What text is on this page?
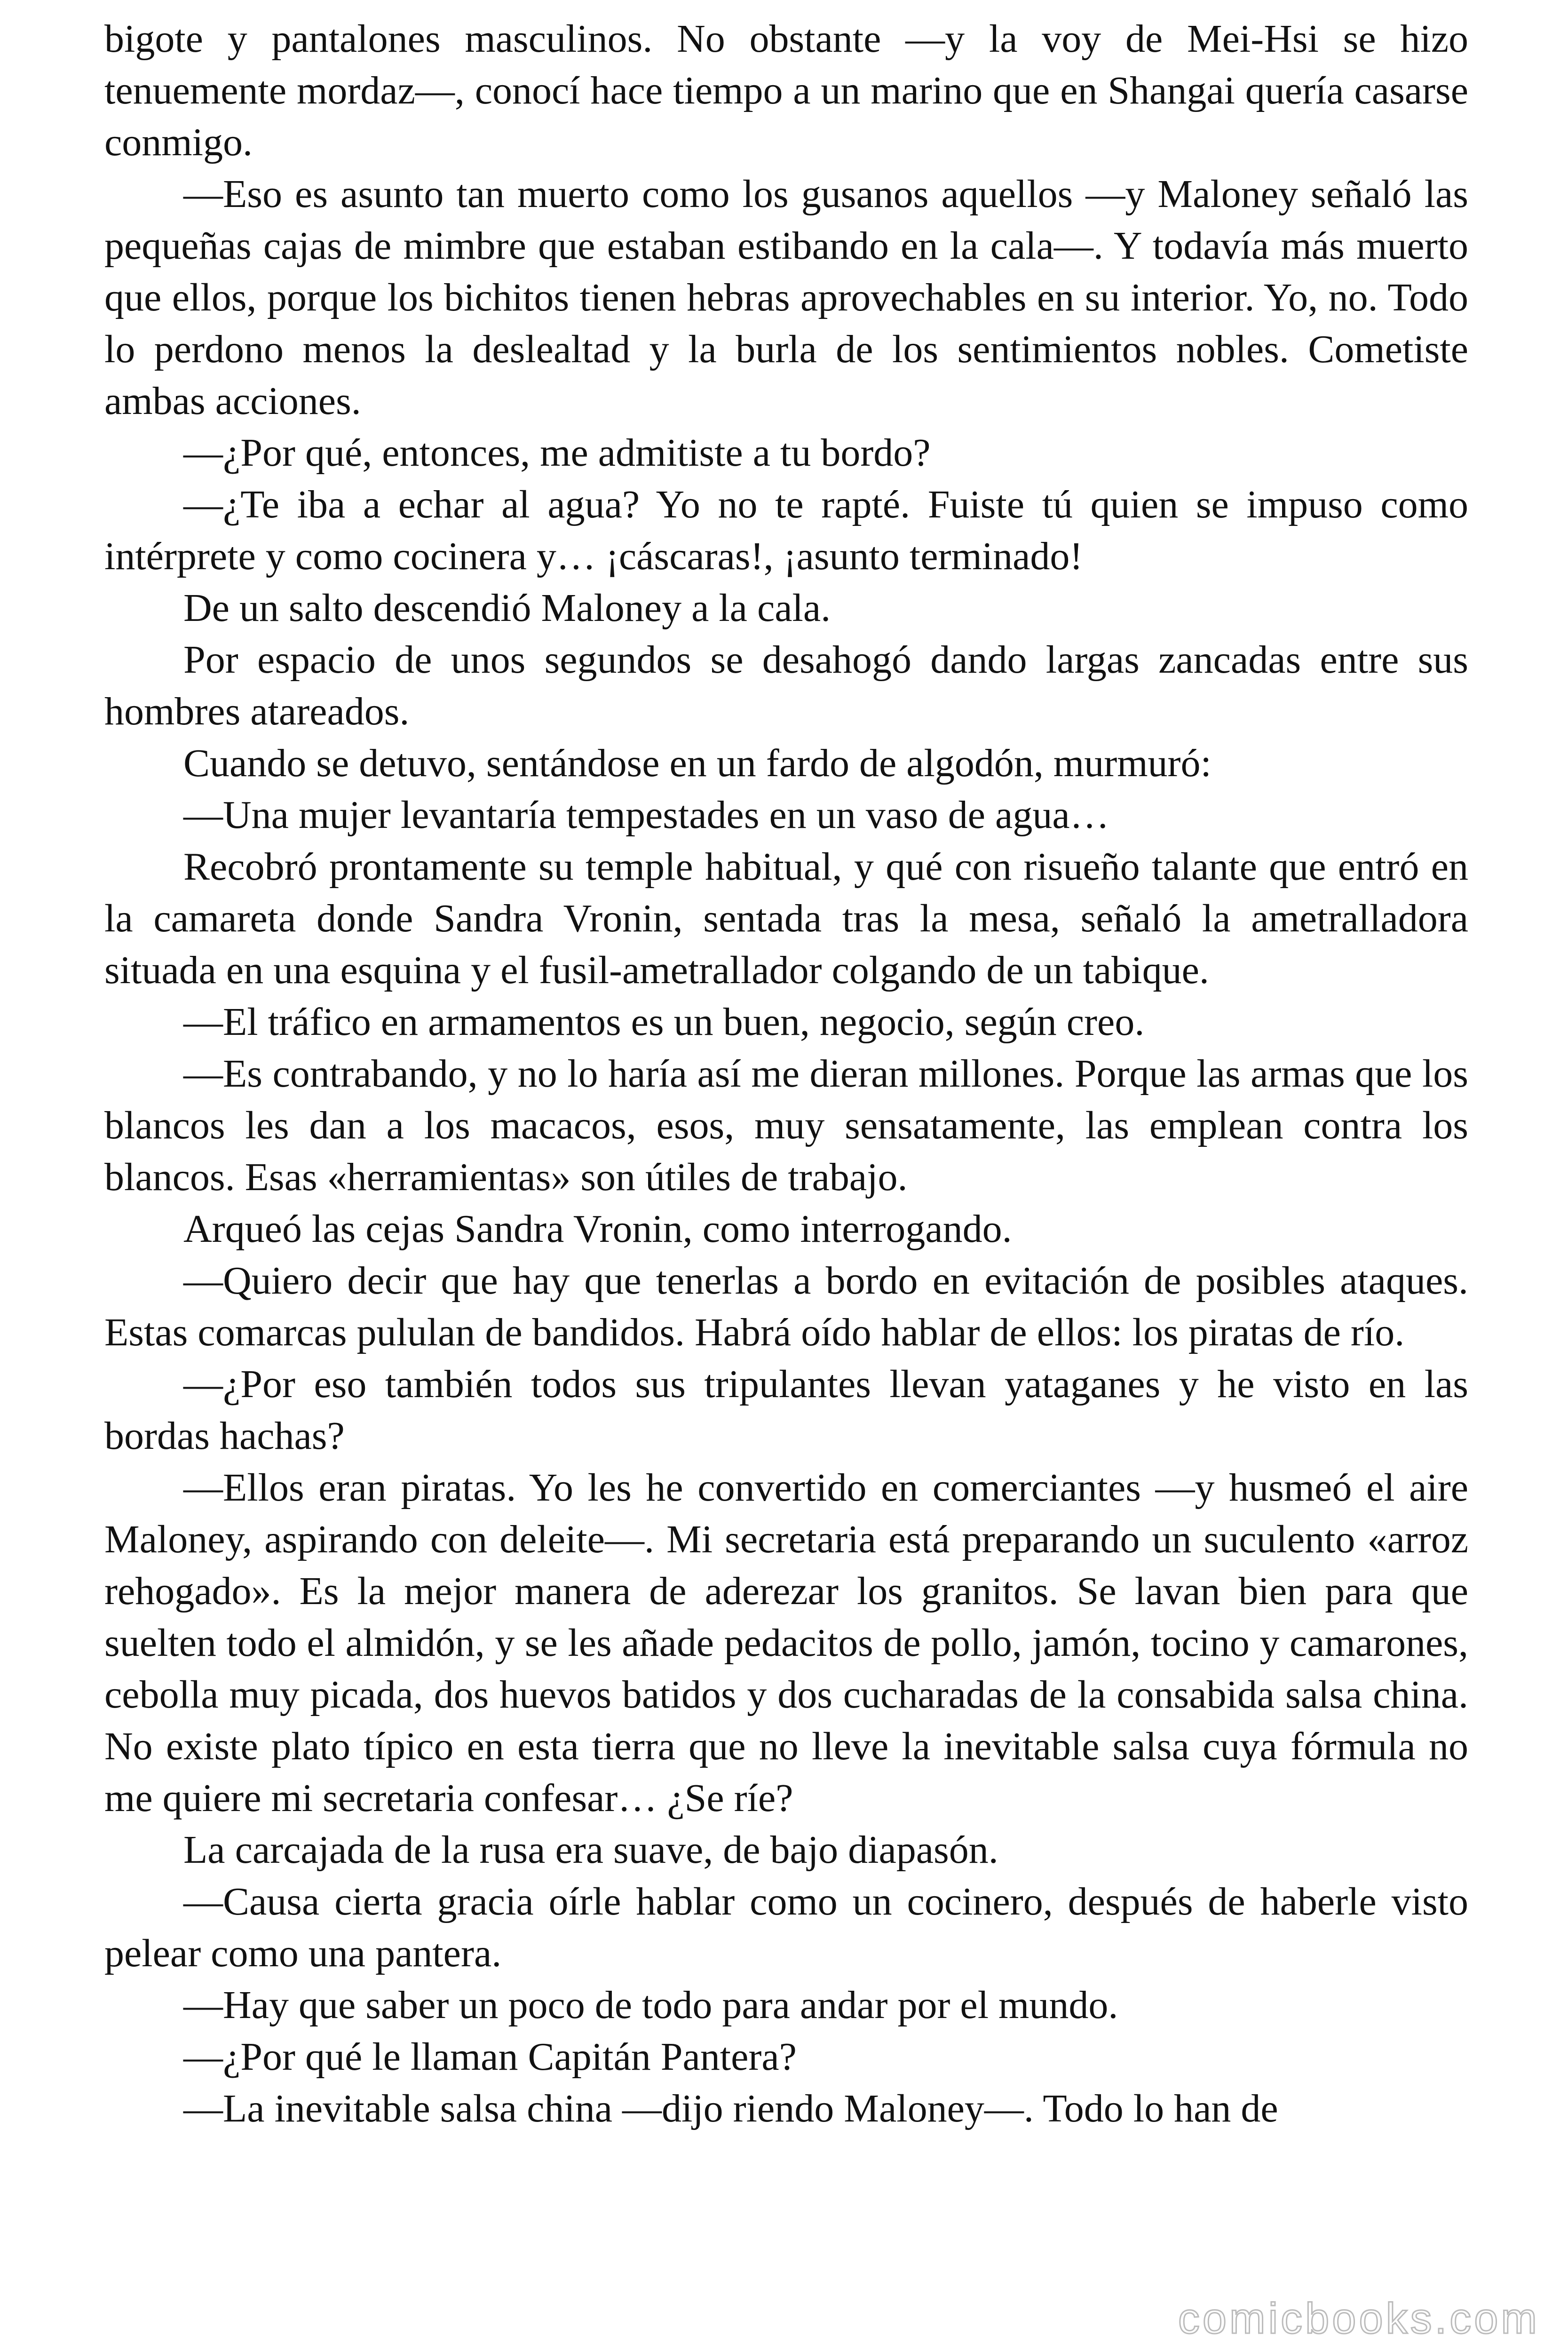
bigote y pantalones masculinos. No obstante —y la voy de Mei-Hsi se hizo tenuemente mordaz—, conocí hace tiempo a un marino que en Shangai quería casarse conmigo.

—Eso es asunto tan muerto como los gusanos aquellos —y Maloney señaló las pequeñas cajas de mimbre que estaban estibando en la cala—. Y todavía más muerto que ellos, porque los bichitos tienen hebras aprovechables en su interior. Yo, no. Todo lo perdono menos la deslealtad y la burla de los sentimientos nobles. Cometiste ambas acciones.

—¿Por qué, entonces, me admitiste a tu bordo?

—¿Te iba a echar al agua? Yo no te rapté. Fuiste tú quien se impuso como intérprete y como cocinera y… ¡cáscaras!, ¡asunto terminado!

De un salto descendió Maloney a la cala.

Por espacio de unos segundos se desahogó dando largas zancadas entre sus hombres atareados.

Cuando se detuvo, sentándose en un fardo de algodón, murmuró:

—Una mujer levantaría tempestades en un vaso de agua…

Recobró prontamente su temple habitual, y qué con risueño talante que entró en la camareta donde Sandra Vronin, sentada tras la mesa, señaló la ametralladora situada en una esquina y el fusil-ametrallador colgando de un tabique.

—El tráfico en armamentos es un buen, negocio, según creo.

—Es contrabando, y no lo haría así me dieran millones. Porque las armas que los blancos les dan a los macacos, esos, muy sensatamente, las emplean contra los blancos. Esas «herramientas» son útiles de trabajo.

Arqueó las cejas Sandra Vronin, como interrogando.

—Quiero decir que hay que tenerlas a bordo en evitación de posibles ataques. Estas comarcas pululan de bandidos. Habrá oído hablar de ellos: los piratas de río.

—¿Por eso también todos sus tripulantes llevan yataganes y he visto en las bordas hachas?

—Ellos eran piratas. Yo les he convertido en comerciantes —y husmeó el aire Maloney, aspirando con deleite—. Mi secretaria está preparando un suculento «arroz rehogado». Es la mejor manera de aderezar los granitos. Se lavan bien para que suelten todo el almidón, y se les añade pedacitos de pollo, jamón, tocino y camarones, cebolla muy picada, dos huevos batidos y dos cucharadas de la consabida salsa china. No existe plato típico en esta tierra que no lleve la inevitable salsa cuya fórmula no me quiere mi secretaria confesar… ¿Se ríe?

La carcajada de la rusa era suave, de bajo diapasón.

—Causa cierta gracia oírle hablar como un cocinero, después de haberle visto pelear como una pantera.

—Hay que saber un poco de todo para andar por el mundo.

—¿Por qué le llaman Capitán Pantera?

—La inevitable salsa china —dijo riendo Maloney—. Todo lo han de

comicbooks.com
